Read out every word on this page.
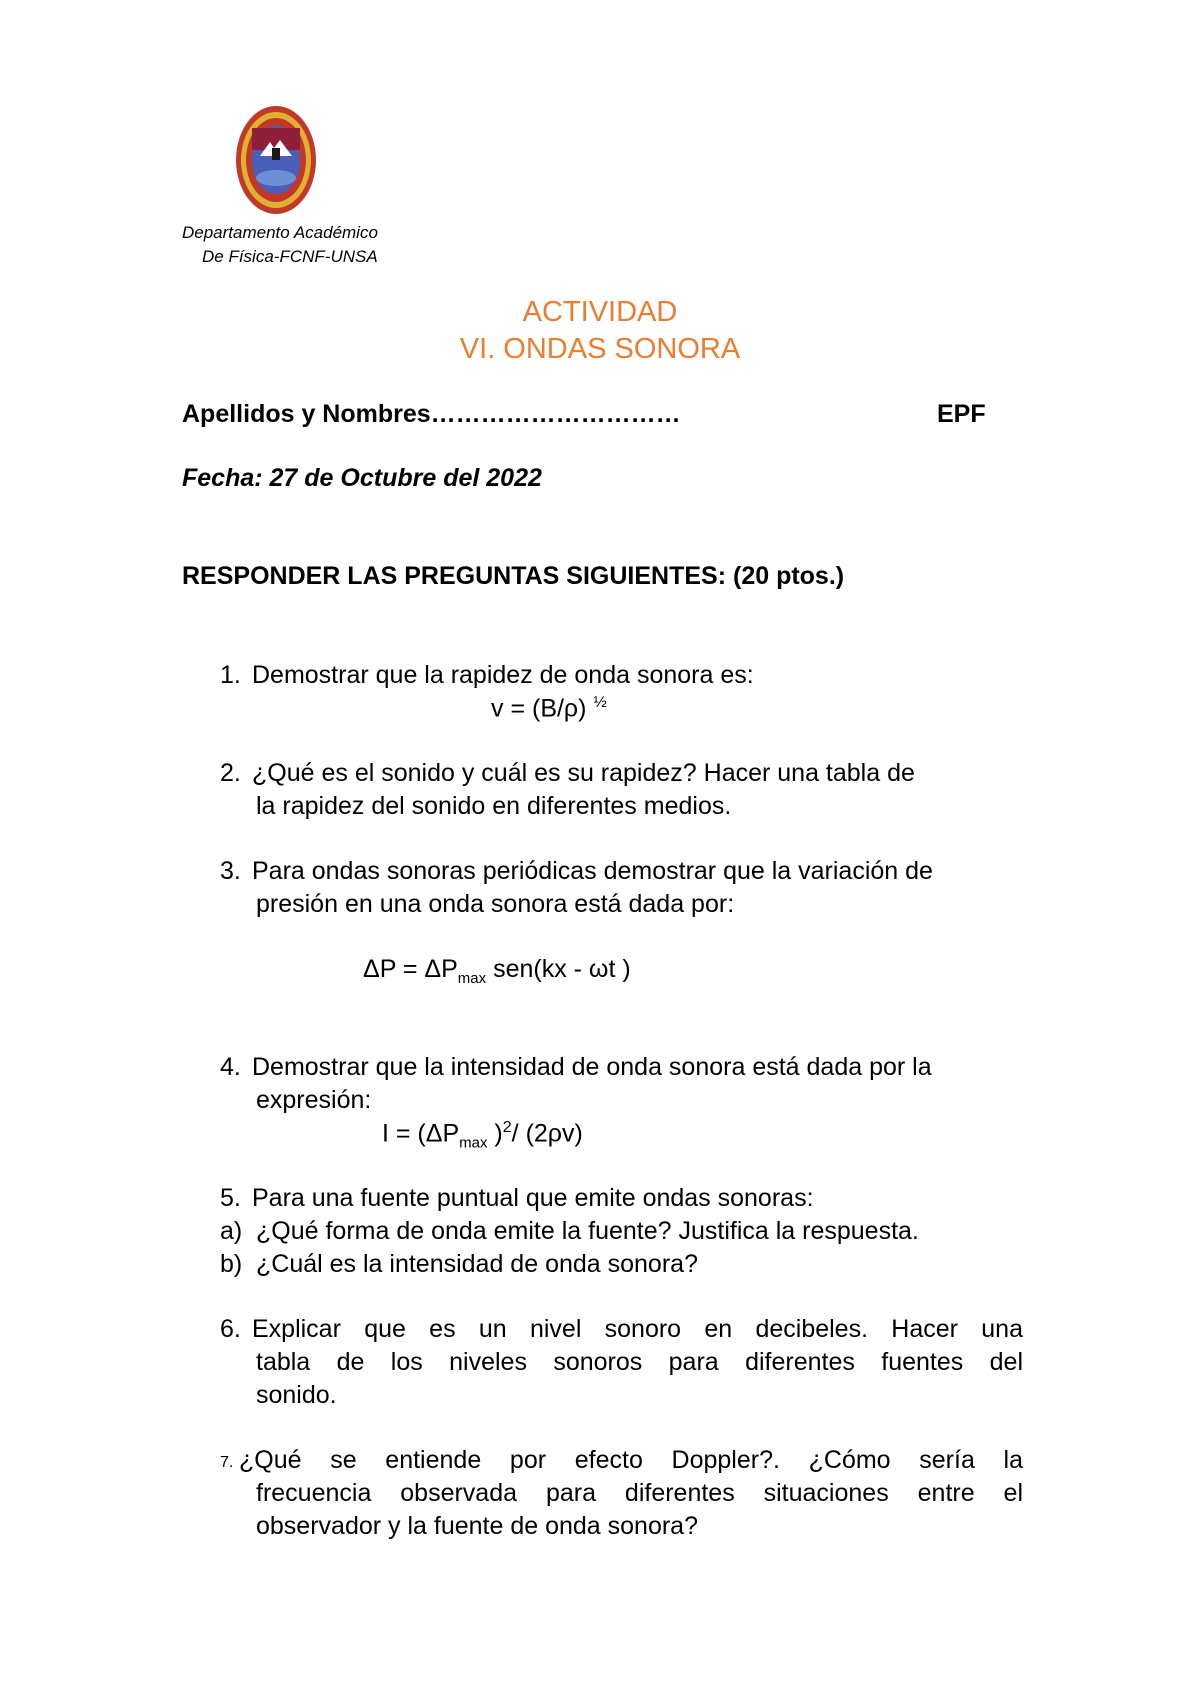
Departamento Académico
De Física-FCNF-UNSA
ACTIVIDAD
VI. ONDAS SONORA
Apellidos y Nombres…………………………	EPF
Fecha: 27 de Octubre del 2022
RESPONDER LAS PREGUNTAS SIGUIENTES: (20 ptos.)
1. Demostrar que la rapidez de onda sonora es:
v = (B/ρ) $^{\frac{1}{2}}$
2. ¿Qué es el sonido y cuál es su rapidez? Hacer una tabla de
la rapidez del sonido en diferentes medios.
3. Para ondas sonoras periódicas demostrar que la variación de
presión en una onda sonora está dada por:
$\Delta P = \Delta P_{max}$ sen(kx - ωt )
4. Demostrar que la intensidad de onda sonora está dada por la
expresión:
$I = (\Delta P_{max}$ )$^2$/ (2ρv)
5. Para una fuente puntual que emite ondas sonoras:
a) ¿Qué forma de onda emite la fuente? Justifica la respuesta.
b) ¿Cuál es la intensidad de onda sonora?
6. Explicar que es un nivel sonoro en decibeles. Hacer una
tabla de los niveles sonoros para diferentes fuentes del
sonido.
7. ¿Qué se entiende por efecto Doppler?. ¿Cómo sería la
frecuencia observada para diferentes situaciones entre el
observador y la fuente de onda sonora?
